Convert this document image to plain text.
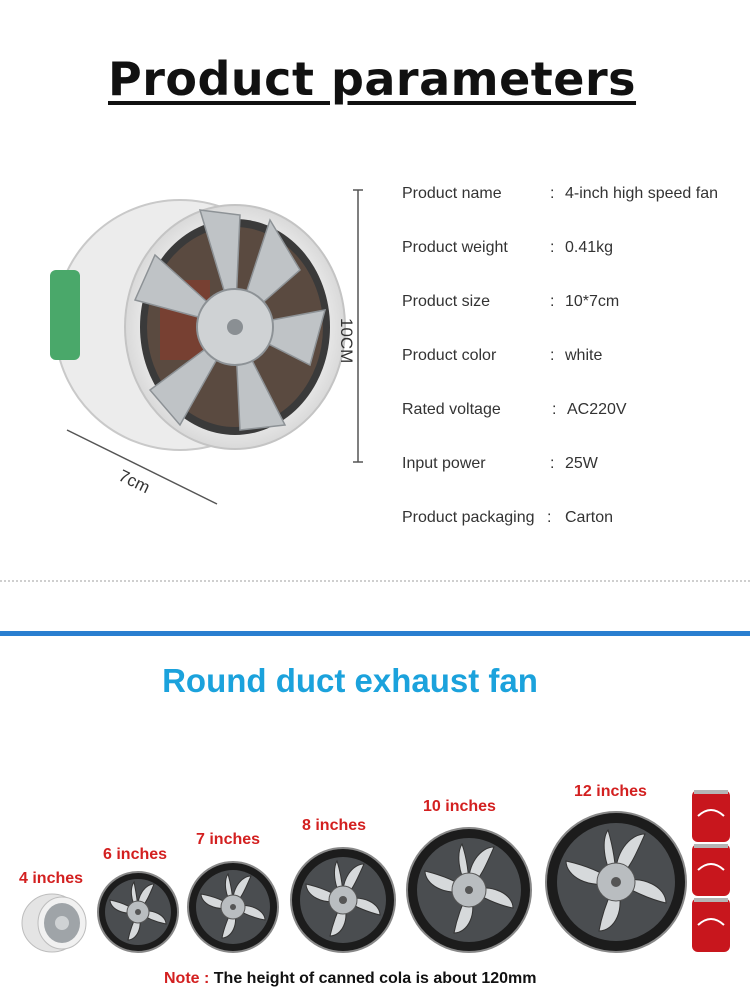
Product parameters
10CM
7cm
Product name	: 4-inch high speed fan
Product weight	: 0.41kg
Product size	: 10*7cm
Product color	: white
Rated voltage	: AC220V
Input power	: 25W
Product packaging : Carton
Round duct exhaust fan
4 inches
6 inches
7 inches
8 inches
10 inches
12 inches
Note : The height of canned cola is about 120mm
